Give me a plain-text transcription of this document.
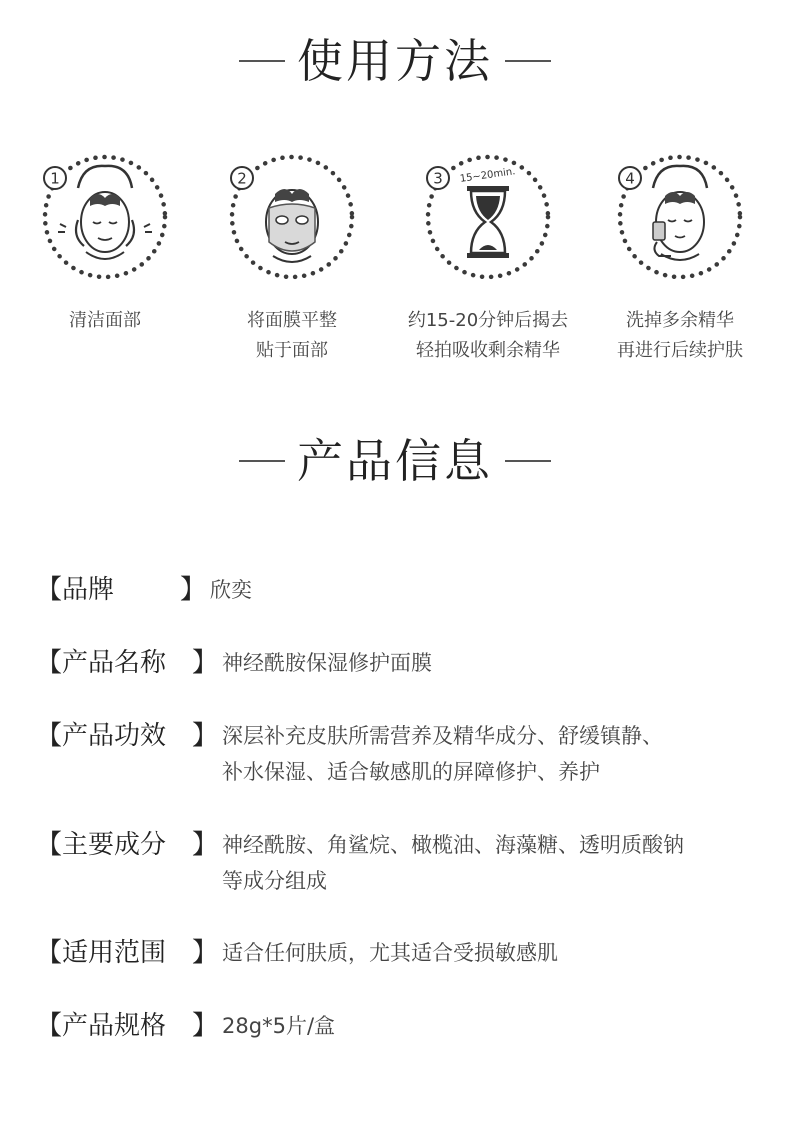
使用方法
1
清洁面部
2
将面膜平整
贴于面部
3 15~20min.
约15-20分钟后揭去
轻拍吸收剩余精华
4
洗掉多余精华
再进行后续护肤
产品信息
【品牌	】 欣奕
【产品名称 】 神经酰胺保湿修护面膜
【产品功效 】 深层补充皮肤所需营养及精华成分、舒缓镇静、
补水保湿、适合敏感肌的屏障修护、养护
【主要成分 】 神经酰胺、角鲨烷、橄榄油、海藻糖、透明质酸钠
等成分组成
【适用范围 】 适合任何肤质，尤其适合受损敏感肌
【产品规格 】 28g*5片/盒
